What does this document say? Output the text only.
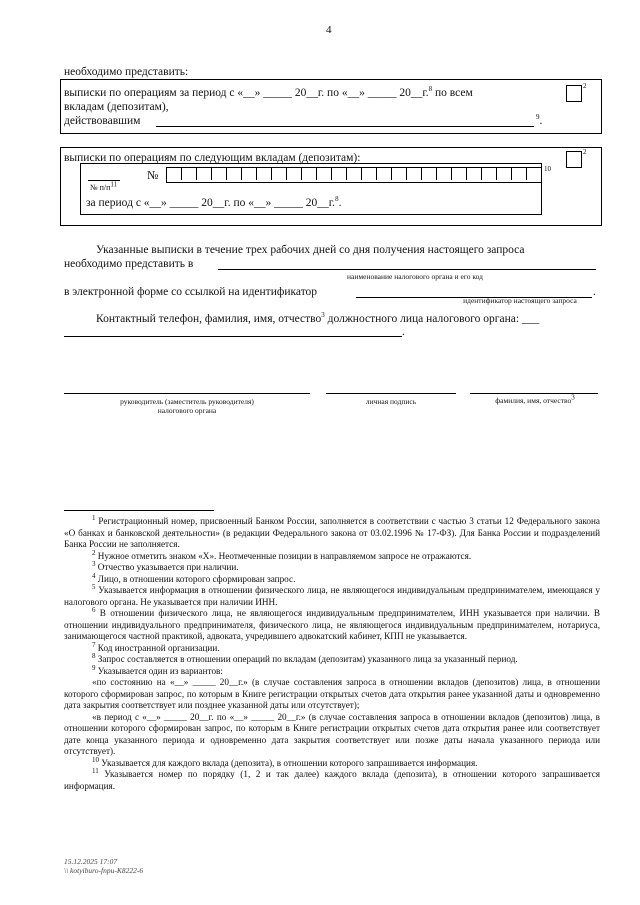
4
необходимо представить:
выписки по операциям за период с «__» _____ 20__г. по «__» _____ 20__г.$^8$ по всем
вкладам (депозитам),
действовавшим	$^9$.
2
выписки по операциям по следующим вкладам (депозитам):	2
№	10
№ п/п11
за период с «__» _____ 20__г. по «__» _____ 20__г.$^8$.
Указанные выписки в течение трех рабочих дней со дня получения настоящего запроса
необходимо представить в
наименование налогового органа и его код
в электронной форме со ссылкой на идентификатор	.
идентификатор настоящего запроса
Контактный телефон, фамилия, имя, отчество$^3$ должностного лица налогового органа: ___
.
руководитель (заместитель руководителя)
налогового органа
личная подпись	фамилия, имя, отчество3

$^1$ Регистрационный номер, присвоенный Банком России, заполняется в соответствии с частью 3 статьи 12 Федерального закона «О банках и банковской деятельности» (в редакции Федерального закона от 03.02.1996 № 17-ФЗ). Для Банка России и подразделений Банка России не заполняется.

$^2$ Нужное отметить знаком «X». Неотмеченные позиции в направляемом запросе не отражаются.

$^3$ Отчество указывается при наличии.

$^4$ Лицо, в отношении которого сформирован запрос.

$^5$ Указывается информация в отношении физического лица, не являющегося индивидуальным предпринимателем, имеющаяся у налогового органа. Не указывается при наличии ИНН.

$^6$ В отношении физического лица, не являющегося индивидуальным предпринимателем, ИНН указывается при наличии. В отношении индивидуального предпринимателя, физического лица, не являющегося индивидуальным предпринимателем, нотариуса, занимающегося частной практикой, адвоката, учредившего адвокатский кабинет, КПП не указывается.

$^7$ Код иностранной организации.

$^8$ Запрос составляется в отношении операций по вкладам (депозитам) указанного лица за указанный период.

$^9$ Указывается один из вариантов:

«по состоянию на «__» _____ 20__г.» (в случае составления запроса в отношении вкладов (депозитов) лица, в отношении которого сформирован запрос, по которым в Книге регистрации открытых счетов дата открытия ранее указанной даты и одновременно дата закрытия соответствует или позднее указанной даты или отсутствует);

«в период с «__» _____ 20__г. по «__» _____ 20__г.» (в случае составления запроса в отношении вкладов (депозитов) лица, в отношении которого сформирован запрос, по которым в Книге регистрации открытых счетов дата открытия ранее или соответствует дате конца указанного периода и одновременно дата закрытия соответствует или позже даты начала указанного периода или отсутствует).

$^{10}$ Указывается для каждого вклада (депозита), в отношении которого запрашивается информация.

$^{11}$ Указывается номер по порядку (1, 2 и так далее) каждого вклада (депозита), в отношении которого запрашивается информация.

15.12.2025 17:07
\\ kotyiburo-fnpu-K8222-6
